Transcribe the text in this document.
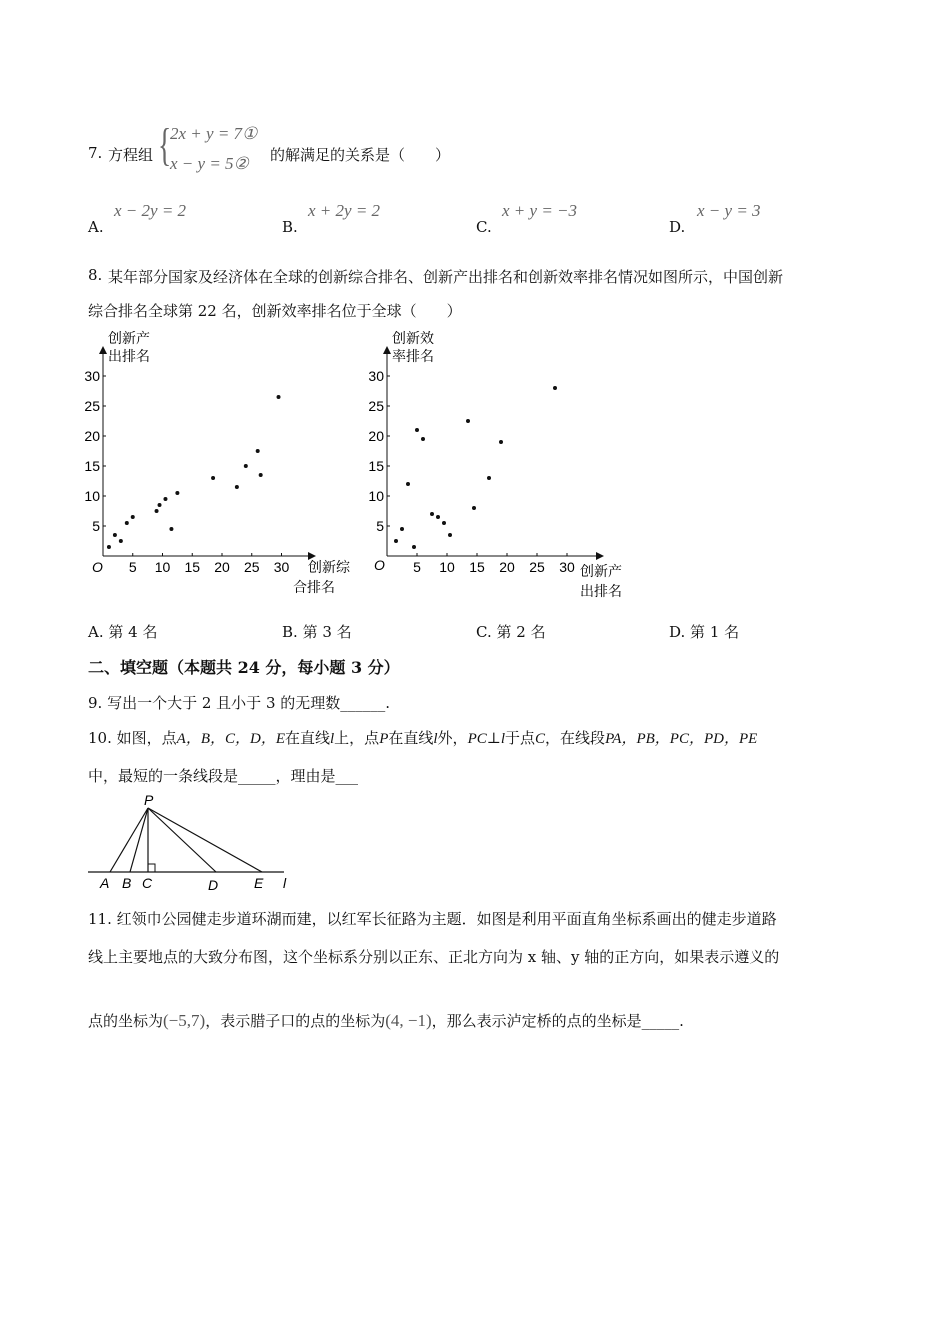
7. 方程组 {
2x + y = 7①
x − y = 5② 的解满足的关系是（　　）
A.
x − 2y = 2
B.
x + 2y = 2
C.
x + y = −3
D.
x − y = 3
8. 某年部分国家及经济体在全球的创新综合排名、创新产出排名和创新效率排名情况如图所示，中国创新
综合排名全球第 22 名，创新效率排名位于全球（　　）
创新产
出排名
O 5 10 15 20 25 30
5
10
15
20
25
30
创新综
合排名
创新效
率排名
O 5 10 15 20 25 30
5
10
15
20
25
30
创新产
出排名
A. 第 4 名	B. 第 3 名	C. 第 2 名	D. 第 1 名
二、填空题（本题共 24 分，每小题 3 分）
9. 写出一个大于 2 且小于 3 的无理数______.
10. 如图，点A，B，C，D，E在直线l上，点P在直线l外，PC⊥l于点C，在线段PA，PB，PC，PD，PE
中，最短的一条线段是_____，理由是___
P
A B C	D	E l
11. 红领巾公园健走步道环湖而建，以红军长征路为主题．如图是利用平面直角坐标系画出的健走步道路
线上主要地点的大致分布图，这个坐标系分别以正东、正北方向为 x 轴、y 轴的正方向，如果表示遵义的
点的坐标为(−5,7)，表示腊子口的点的坐标为(4, −1)，那么表示泸定桥的点的坐标是_____.
